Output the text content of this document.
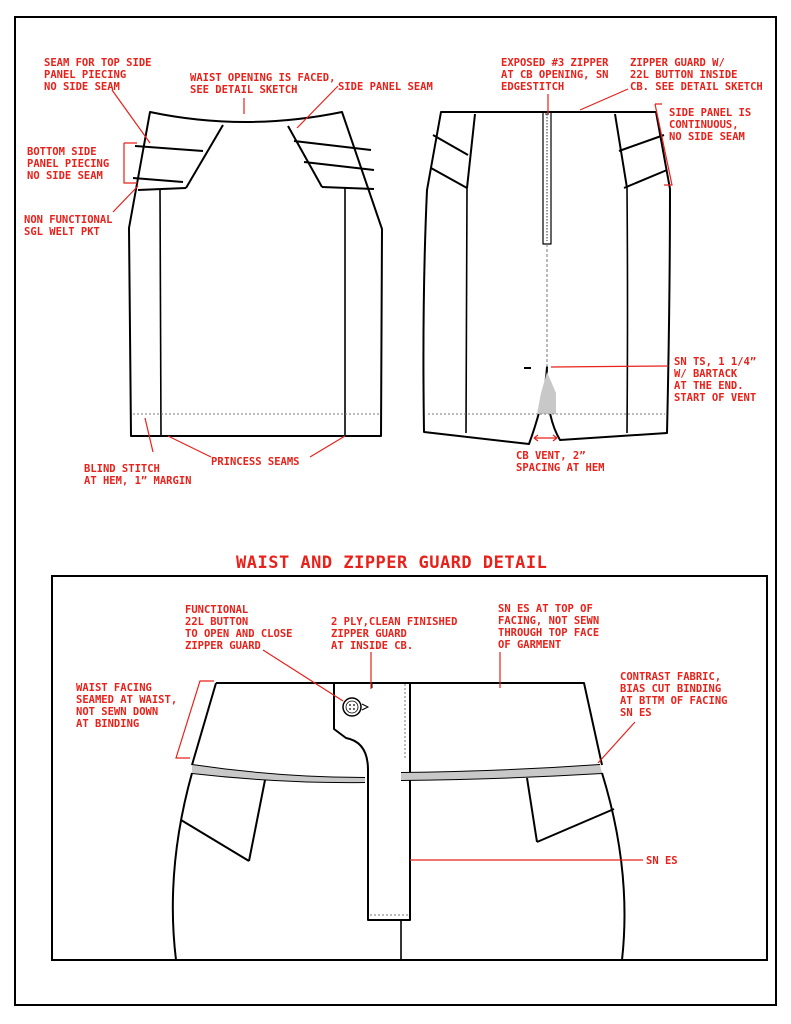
SEAM FOR TOP SIDE
PANEL PIECING
NO SIDE SEAM
WAIST OPENING IS FACED,
SEE DETAIL SKETCH	SIDE PANEL SEAM
BOTTOM SIDE
PANEL PIECING
NO SIDE SEAM
NON FUNCTIONAL
SGL WELT PKT
BLIND STITCH
AT HEM, 1” MARGIN
PRINCESS SEAMS
EXPOSED #3 ZIPPER
AT CB OPENING, SN
EDGESTITCH
ZIPPER GUARD W/
22L BUTTON INSIDE
CB. SEE DETAIL SKETCH
SIDE PANEL IS
CONTINUOUS,
NO SIDE SEAM
SN TS, 1 1/4”
W/ BARTACK
AT THE END.
START OF VENT
CB VENT, 2”
SPACING AT HEM
WAIST AND ZIPPER GUARD DETAIL
FUNCTIONAL
22L BUTTON
TO OPEN AND CLOSE
ZIPPER GUARD
2 PLY,CLEAN FINISHED
ZIPPER GUARD
AT INSIDE CB.
SN ES AT TOP OF
FACING, NOT SEWN
THROUGH TOP FACE
OF GARMENT
WAIST FACING
SEAMED AT WAIST,
NOT SEWN DOWN
AT BINDING
CONTRAST FABRIC,
BIAS CUT BINDING
AT BTTM OF FACING
SN ES
SN ES
